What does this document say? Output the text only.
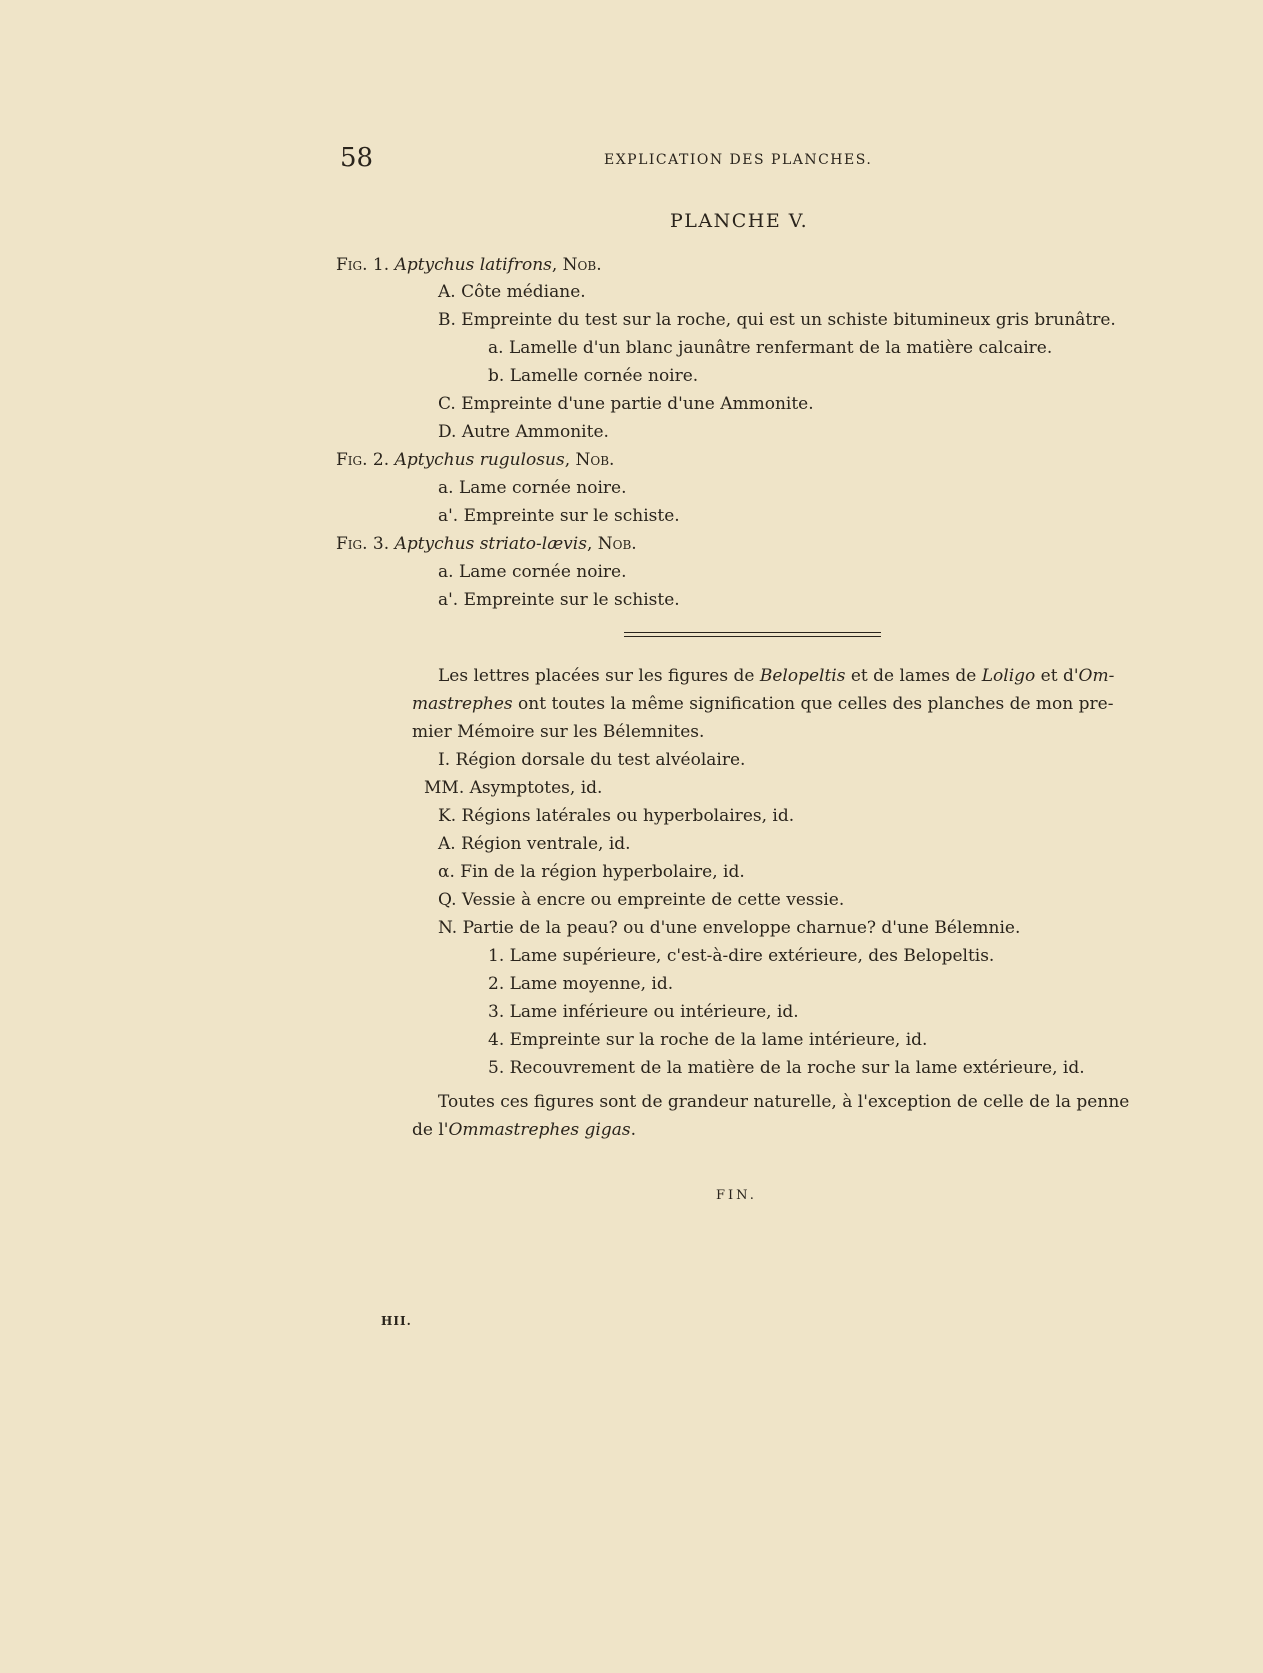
58	EXPLICATION DES PLANCHES.
PLANCHE V.
Fig. 1. Aptychus latifrons, Nob.
A. Côte médiane.
B. Empreinte du test sur la roche, qui est un schiste bitumineux gris brunâtre.
a. Lamelle d'un blanc jaunâtre renfermant de la matière calcaire.
b. Lamelle cornée noire.
C. Empreinte d'une partie d'une Ammonite.
D. Autre Ammonite.
Fig. 2. Aptychus rugulosus, Nob.
a. Lame cornée noire.
a'. Empreinte sur le schiste.
Fig. 3. Aptychus striato-lævis, Nob.
a. Lame cornée noire.
a'. Empreinte sur le schiste.
Les lettres placées sur les figures de Belopeltis et de lames de Loligo et d'Om-
mastrephes ont toutes la même signification que celles des planches de mon pre-
mier Mémoire sur les Bélemnites.
I. Région dorsale du test alvéolaire.
MM. Asymptotes, id.
K. Régions latérales ou hyperbolaires, id.
A. Région ventrale, id.
α. Fin de la région hyperbolaire, id.
Q. Vessie à encre ou empreinte de cette vessie.
N. Partie de la peau? ou d'une enveloppe charnue? d'une Bélemnie.
1. Lame supérieure, c'est-à-dire extérieure, des Belopeltis.
2. Lame moyenne, id.
3. Lame inférieure ou intérieure, id.
4. Empreinte sur la roche de la lame intérieure, id.
5. Recouvrement de la matière de la roche sur la lame extérieure, id.
Toutes ces figures sont de grandeur naturelle, à l'exception de celle de la penne
de l'Ommastrephes gigas.
FIN.
HII.
